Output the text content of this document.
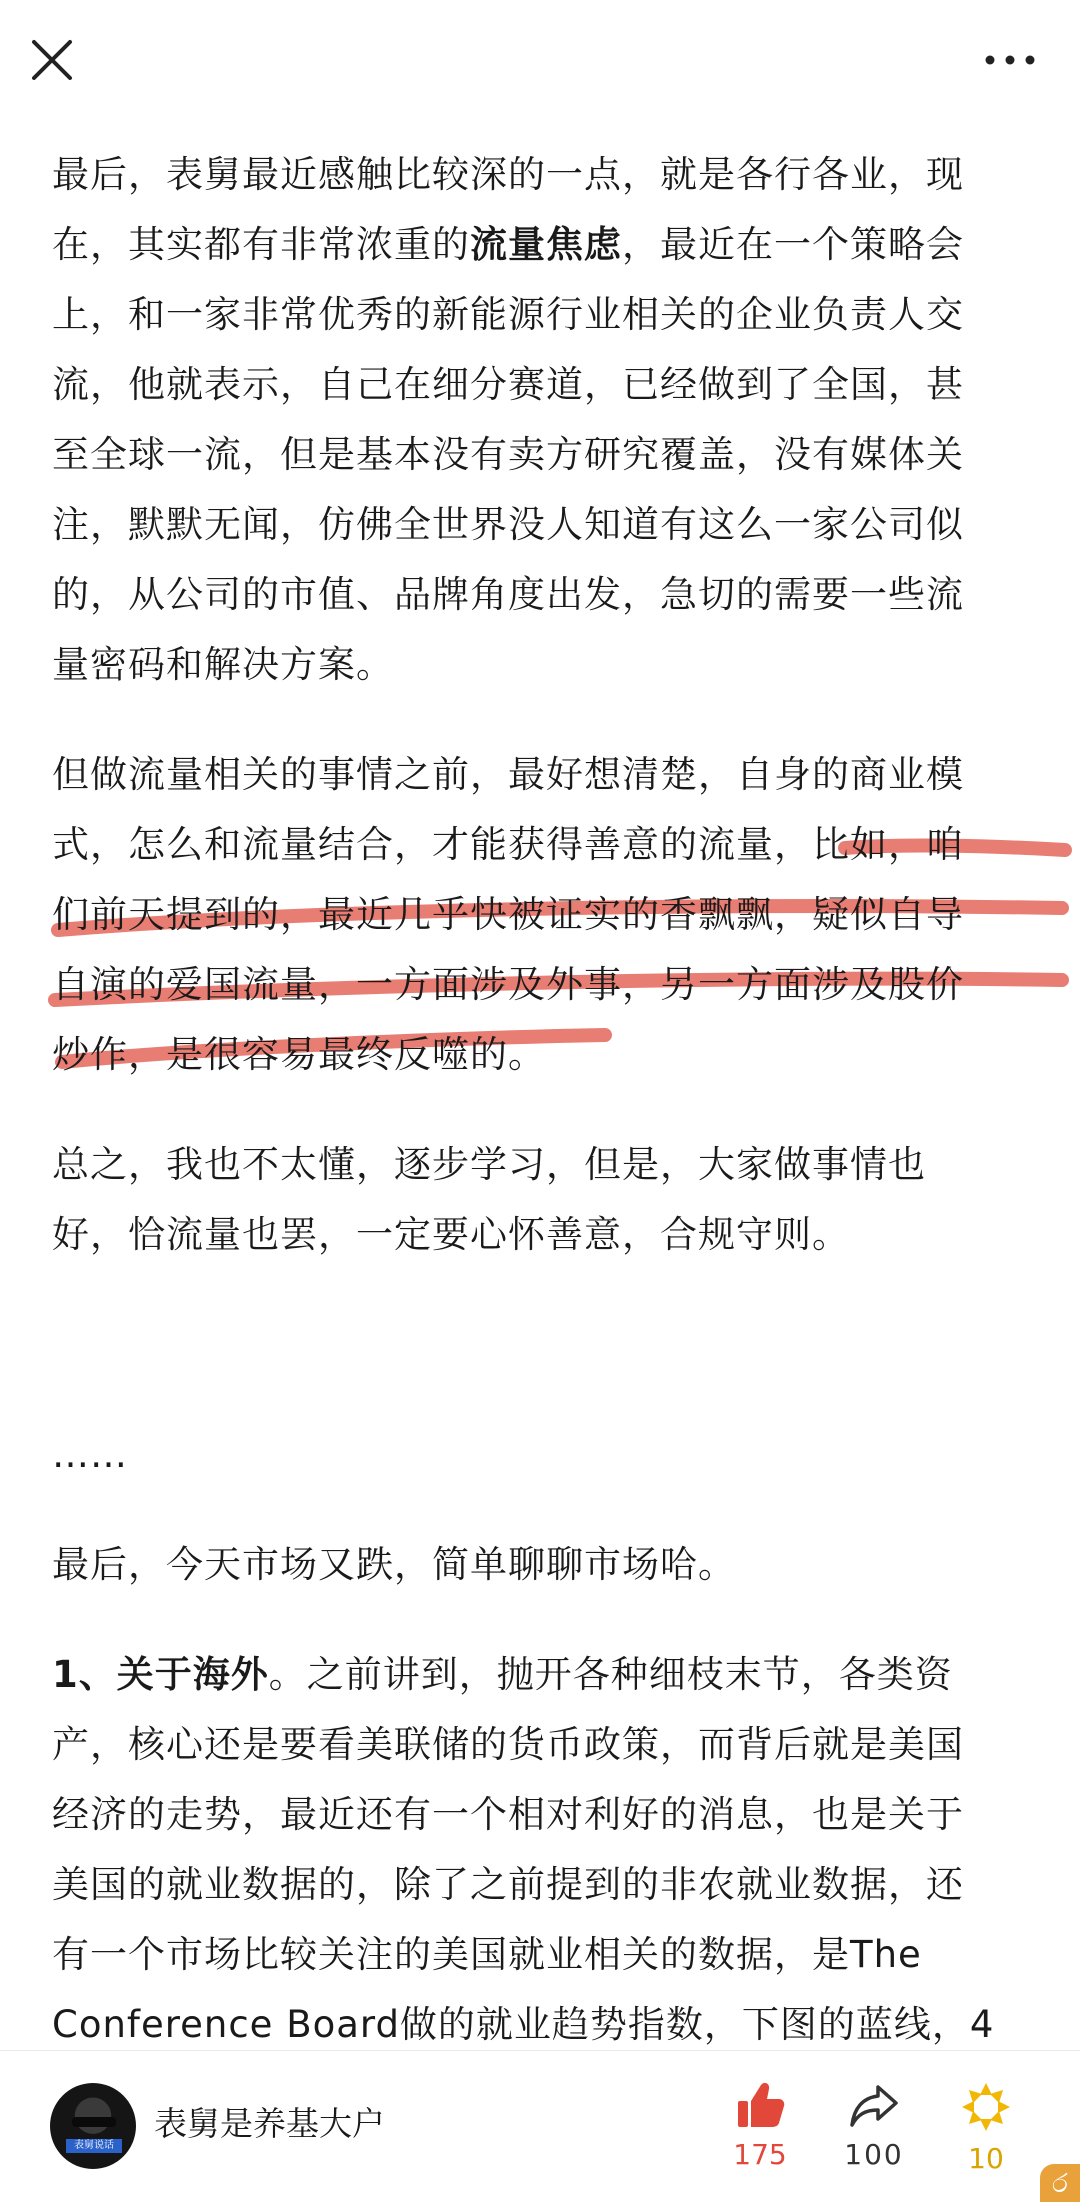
最后，表舅最近感触比较深的一点，就是各行各业，现
在，其实都有非常浓重的流量焦虑，最近在一个策略会
上，和一家非常优秀的新能源行业相关的企业负责人交
流，他就表示，自己在细分赛道，已经做到了全国，甚
至全球一流，但是基本没有卖方研究覆盖，没有媒体关
注，默默无闻，仿佛全世界没人知道有这么一家公司似
的，从公司的市值、品牌角度出发，急切的需要一些流
量密码和解决方案。
但做流量相关的事情之前，最好想清楚，自身的商业模
式，怎么和流量结合，才能获得善意的流量，比如，咱
们前天提到的，最近几乎快被证实的香飘飘，疑似自导
自演的爱国流量，一方面涉及外事，另一方面涉及股价
炒作，是很容易最终反噬的。
总之，我也不太懂，逐步学习，但是，大家做事情也
好，恰流量也罢，一定要心怀善意，合规守则。
……
最后，今天市场又跌，简单聊聊市场哈。
1、关于海外。之前讲到，抛开各种细枝末节，各类资
产，核心还是要看美联储的货币政策，而背后就是美国
经济的走势，最近还有一个相对利好的消息，也是关于
美国的就业数据的，除了之前提到的非农就业数据，还
有一个市场比较关注的美国就业相关的数据，是The
Conference Board做的就业趋势指数，下图的蓝线，4
表舅说话
表舅是养基大户
175	100	10
ර
